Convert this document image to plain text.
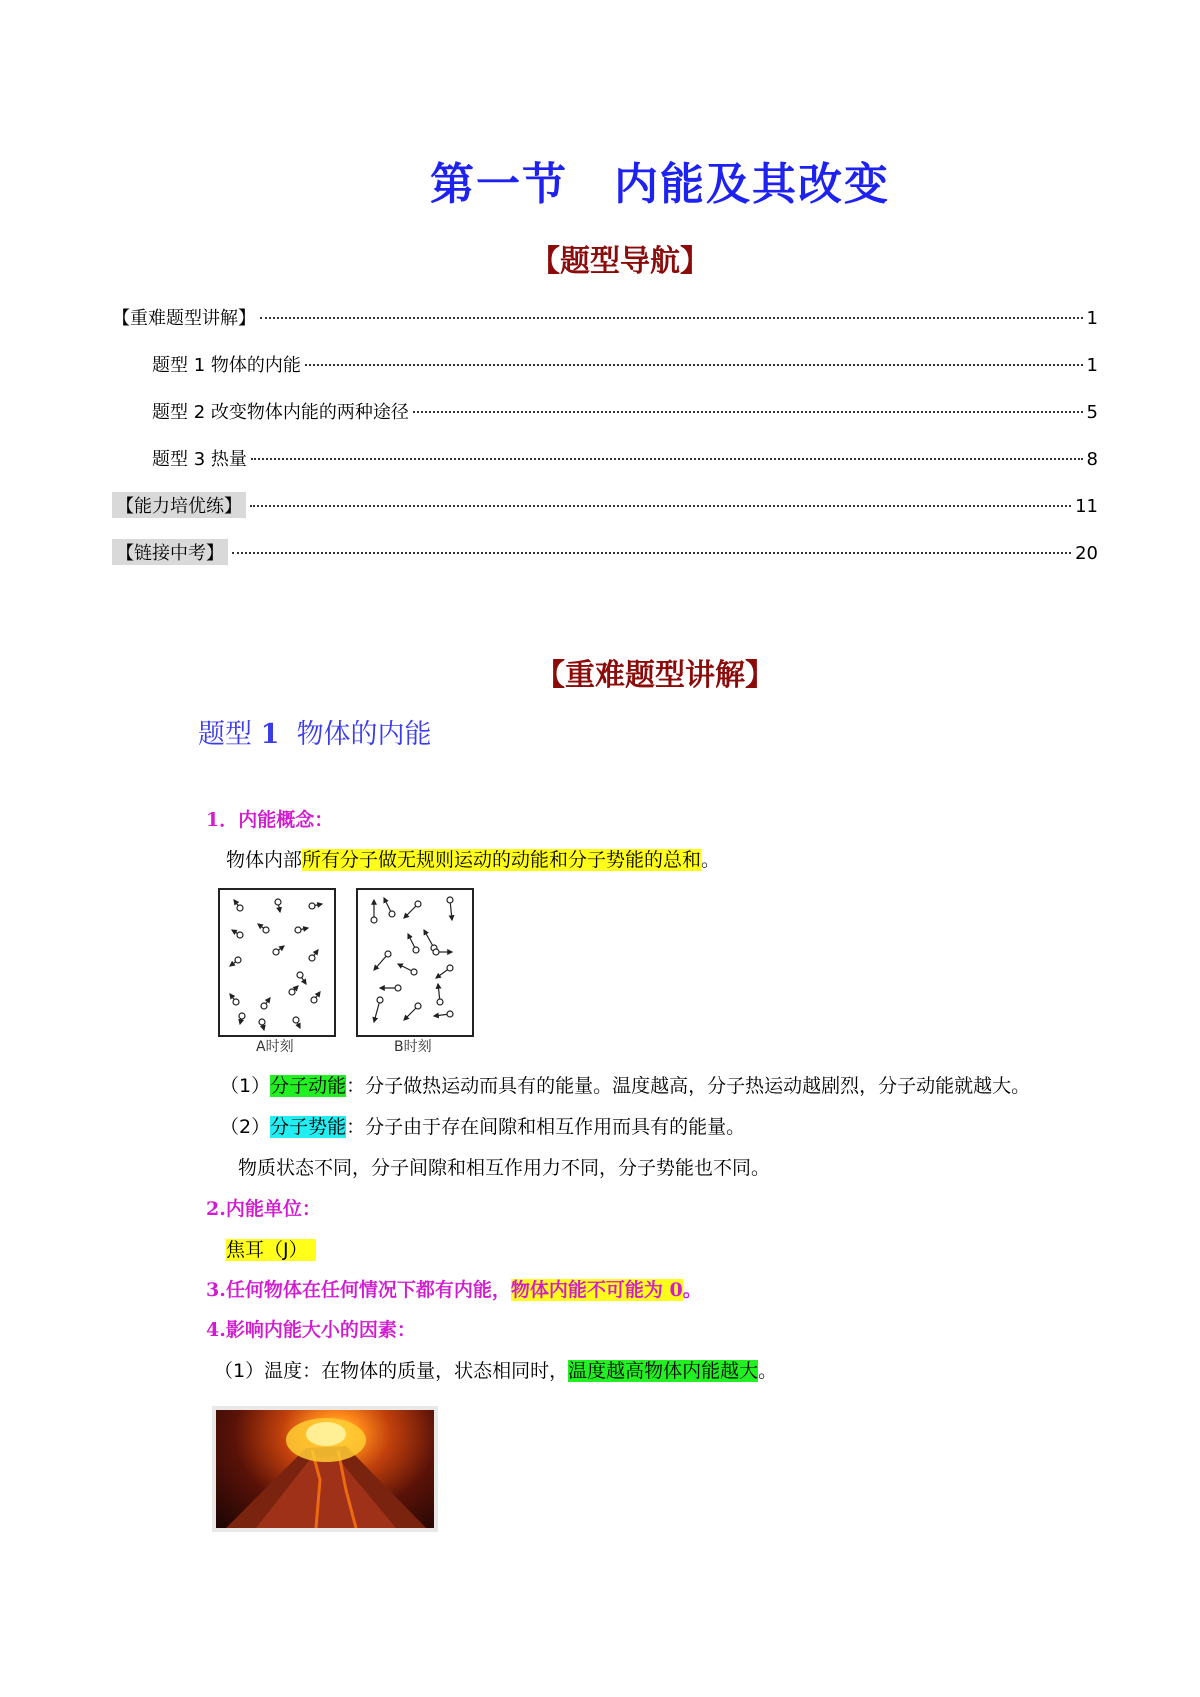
第一节　内能及其改变
【题型导航】
【重难题型讲解】	1
题型 1 物体的内能	1
题型 2 改变物体内能的两种途径	5
题型 3 热量	8
【能力培优练】	11
【链接中考】	20
【重难题型讲解】
题型 1 物体的内能
1．内能概念：
物体内部所有分子做无规则运动的动能和分子势能的总和。
A时刻	B时刻
（1）分子动能：分子做热运动而具有的能量。温度越高，分子热运动越剧烈，分子动能就越大。
（2）分子势能：分子由于存在间隙和相互作用而具有的能量。
物质状态不同，分子间隙和相互作用力不同，分子势能也不同。
2.内能单位：
焦耳（J）
3.任何物体在任何情况下都有内能，物体内能不可能为 0。
4.影响内能大小的因素：
（1）温度：在物体的质量，状态相同时，温度越高物体内能越大。
